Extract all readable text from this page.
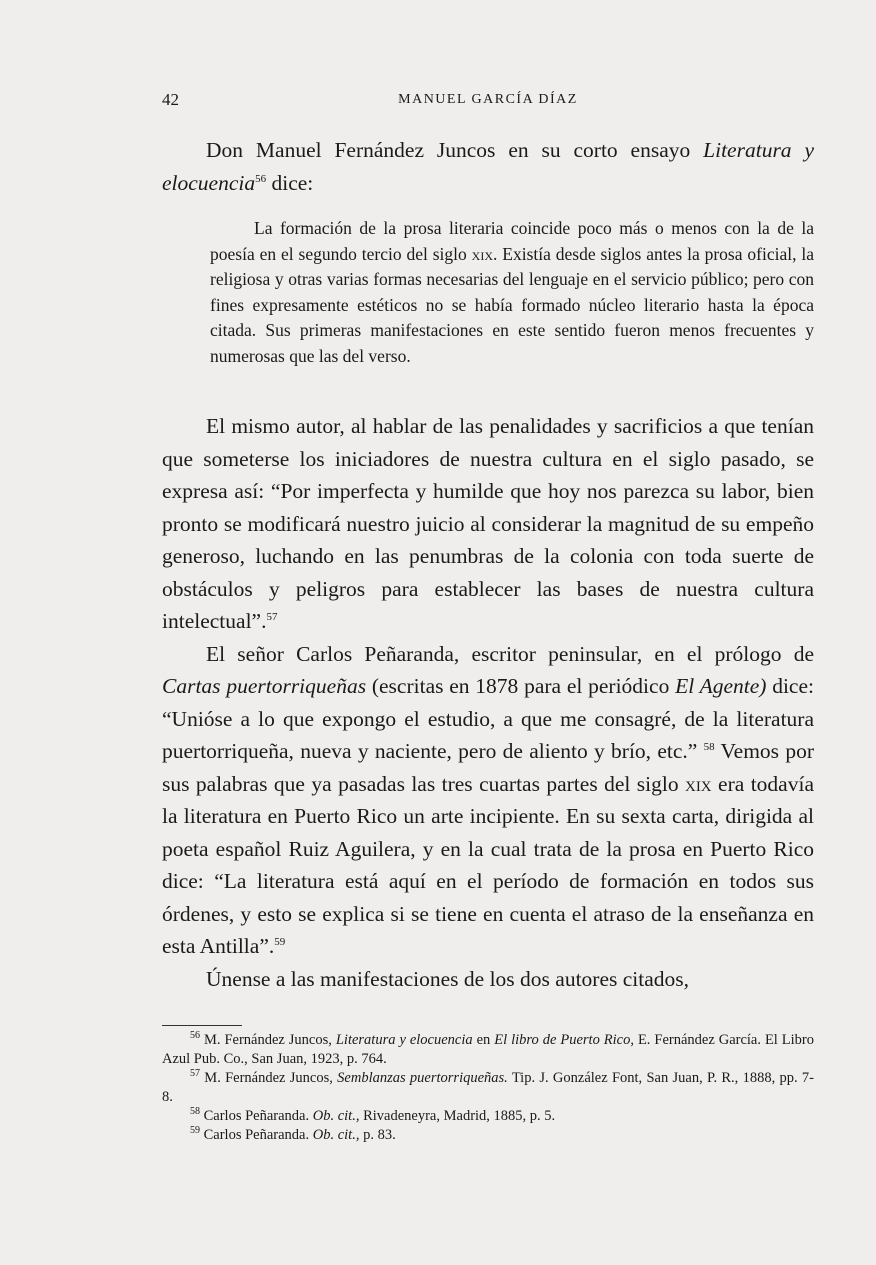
42	MANUEL GARCÍA DÍAZ

Don Manuel Fernández Juncos en su corto ensayo Literatura y elocuencia$^{56}$ dice:

La formación de la prosa literaria coincide poco más o menos con la de la poesía en el segundo tercio del siglo xix. Existía desde siglos antes la prosa oficial, la religiosa y otras varias formas necesarias del lenguaje en el servicio público; pero con fines expresamente estéticos no se había formado núcleo literario hasta la época citada. Sus primeras manifestaciones en este sentido fueron menos frecuentes y numerosas que las del verso.

El mismo autor, al hablar de las penalidades y sacrificios a que tenían que someterse los iniciadores de nuestra cultura en el siglo pasado, se expresa así: “Por imperfecta y humilde que hoy nos parezca su labor, bien pronto se modificará nuestro juicio al considerar la magnitud de su empeño generoso, luchando en las penumbras de la colonia con toda suerte de obstáculos y peligros para establecer las bases de nuestra cultura intelectual”.$^{57}$

El señor Carlos Peñaranda, escritor peninsular, en el prólogo de Cartas puertorriqueñas (escritas en 1878 para el periódico El Agente) dice: “Unióse a lo que expongo el estudio, a que me consagré, de la literatura puertorriqueña, nueva y naciente, pero de aliento y brío, etc.” $^{58}$ Vemos por sus palabras que ya pasadas las tres cuartas partes del siglo xix era todavía la literatura en Puerto Rico un arte incipiente. En su sexta carta, dirigida al poeta español Ruiz Aguilera, y en la cual trata de la prosa en Puerto Rico dice: “La literatura está aquí en el período de formación en todos sus órdenes, y esto se explica si se tiene en cuenta el atraso de la enseñanza en esta Antilla”.$^{59}$

Únense a las manifestaciones de los dos autores citados,

$^{56}$ M. Fernández Juncos, Literatura y elocuencia en El libro de Puerto Rico, E. Fernández García. El Libro Azul Pub. Co., San Juan, 1923, p. 764.

$^{57}$ M. Fernández Juncos, Semblanzas puertorriqueñas. Tip. J. González Font, San Juan, P. R., 1888, pp. 7-8.

$^{58}$ Carlos Peñaranda. Ob. cit., Rivadeneyra, Madrid, 1885, p. 5.

$^{59}$ Carlos Peñaranda. Ob. cit., p. 83.
